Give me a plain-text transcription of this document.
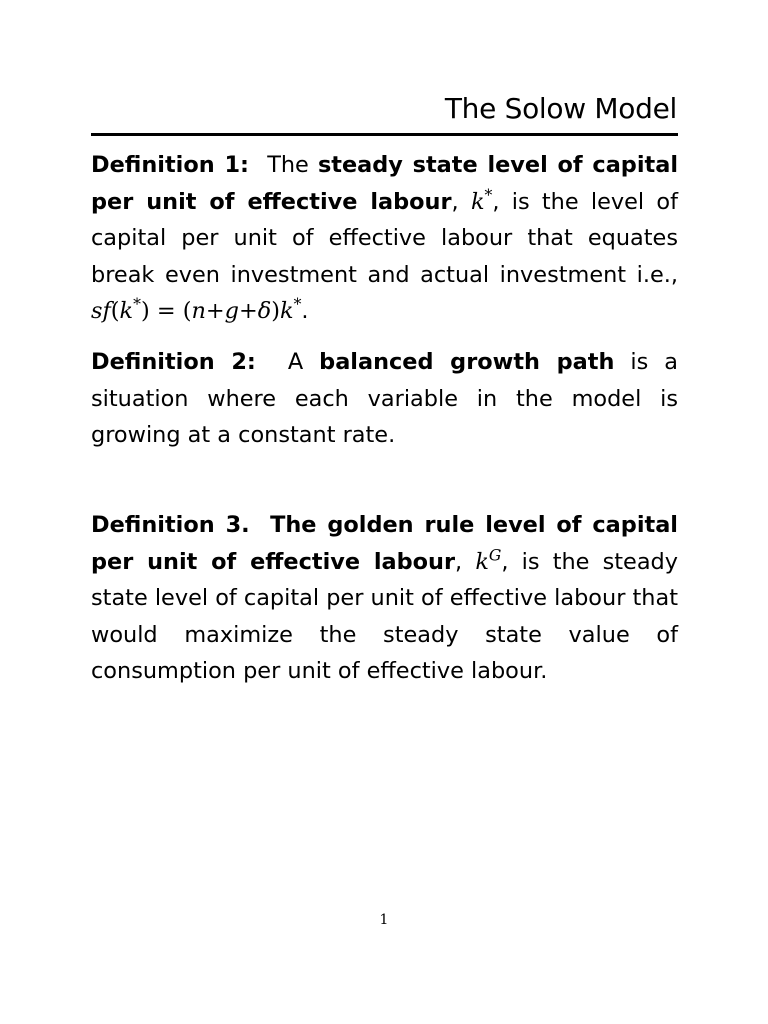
The Solow Model

Definition 1: The steady state level of capital per unit of effective labour, k*, is the level of capital per unit of effective labour that equates break even investment and actual investment i.e., sf(k*) = (n+g+δ)k*.

Definition 2: A balanced growth path is a situation where each variable in the model is growing at a constant rate.

Definition 3. The golden rule level of capital per unit of effective labour, $k^G$, is the steady state level of capital per unit of effective labour that would maximize the steady state value of consumption per unit of effective labour.

1
